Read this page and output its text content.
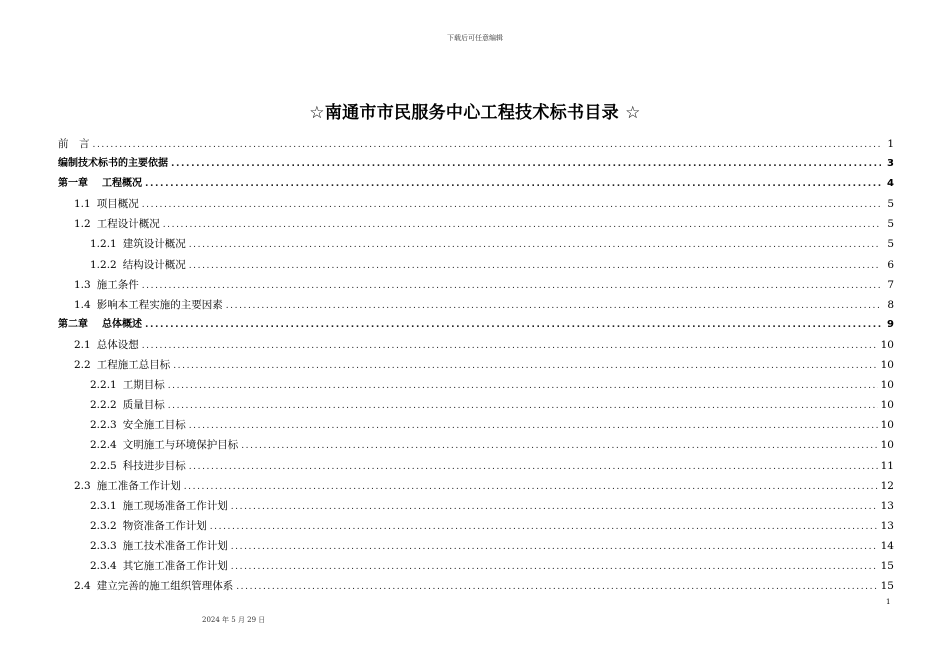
下载后可任意编辑
☆南通市市民服务中心工程技术标书目录 ☆
前　言 .....	1
编制技术标书的主要依据 .....	3
第一章 工程概况 .....	4
1.1 项目概况 .....	5
1.2 工程设计概况 .....	5
1.2.1 建筑设计概况 .....	5
1.2.2 结构设计概况 .....	6
1.3 施工条件 .....	7
1.4 影响本工程实施的主要因素 .....	8
第二章 总体概述 .....	9
2.1 总体设想 .....	10
2.2 工程施工总目标 .....	10
2.2.1 工期目标 .....	10
2.2.2 质量目标 .....	10
2.2.3 安全施工目标 .....	10
2.2.4 文明施工与环境保护目标 .....	10
2.2.5 科技进步目标 .....	11
2.3 施工准备工作计划 .....	12
2.3.1 施工现场准备工作计划 .....	13
2.3.2 物资准备工作计划 .....	13
2.3.3 施工技术准备工作计划 .....	14
2.3.4 其它施工准备工作计划 .....	15
2.4 建立完善的施工组织管理体系 .....	15
1
2024 年 5 月 29 日
